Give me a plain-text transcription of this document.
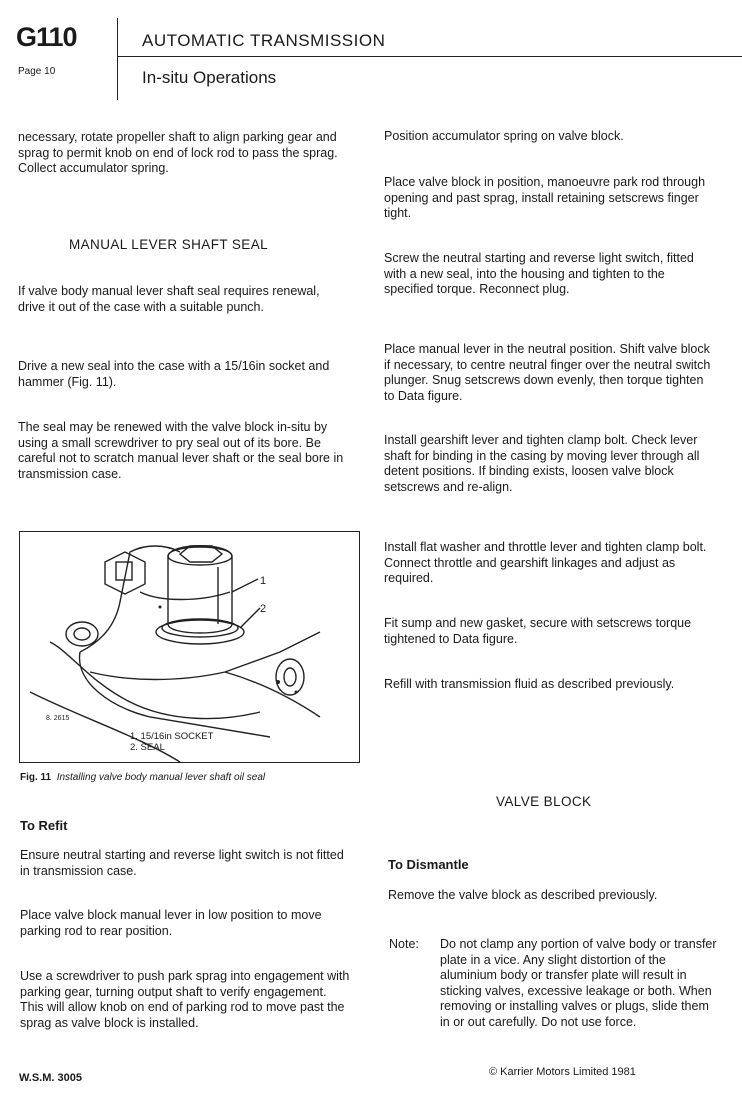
G110
Page 10
AUTOMATIC TRANSMISSION
In-situ Operations
necessary, rotate propeller shaft to align parking gear and sprag to permit knob on end of lock rod to pass the sprag. Collect accumulator spring.
MANUAL LEVER SHAFT SEAL
If valve body manual lever shaft seal requires renewal, drive it out of the case with a suitable punch.
Drive a new seal into the case with a 15/16in socket and hammer (Fig. 11).
The seal may be renewed with the valve block in-situ by using a small screwdriver to pry seal out of its bore. Be careful not to scratch manual lever shaft or the seal bore in transmission case.
1
2
8. 2615
1. 15/16in SOCKET
2. SEAL
Fig. 11 Installing valve body manual lever shaft oil seal
To Refit
Ensure neutral starting and reverse light switch is not fitted in transmission case.
Place valve block manual lever in low position to move parking rod to rear position.
Use a screwdriver to push park sprag into engagement with parking gear, turning output shaft to verify engagement. This will allow knob on end of parking rod to move past the sprag as valve block is installed.
Position accumulator spring on valve block.
Place valve block in position, manoeuvre park rod through opening and past sprag, install retaining setscrews finger tight.
Screw the neutral starting and reverse light switch, fitted with a new seal, into the housing and tighten to the specified torque. Reconnect plug.
Place manual lever in the neutral position. Shift valve block if necessary, to centre neutral finger over the neutral switch plunger. Snug setscrews down evenly, then torque tighten to Data figure.
Install gearshift lever and tighten clamp bolt. Check lever shaft for binding in the casing by moving lever through all detent positions. If binding exists, loosen valve block setscrews and re-align.
Install flat washer and throttle lever and tighten clamp bolt. Connect throttle and gearshift linkages and adjust as required.
Fit sump and new gasket, secure with setscrews torque tightened to Data figure.
Refill with transmission fluid as described previously.
VALVE BLOCK
To Dismantle
Remove the valve block as described previously.
Note: Do not clamp any portion of valve body or transfer plate in a vice. Any slight distortion of the aluminium body or transfer plate will result in sticking valves, excessive leakage or both. When removing or installing valves or plugs, slide them in or out carefully. Do not use force.
W.S.M. 3005	© Karrier Motors Limited 1981
